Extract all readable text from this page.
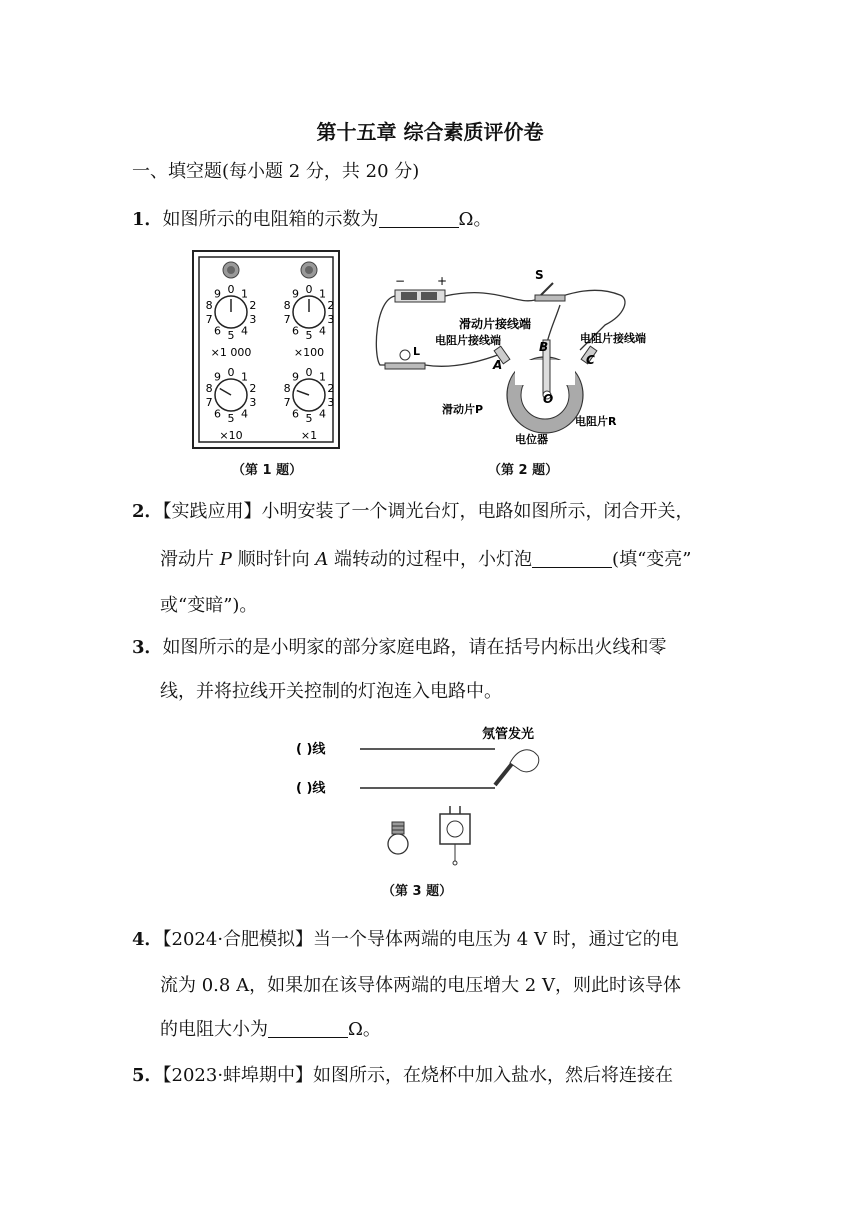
第十五章 综合素质评价卷
一、填空题(每小题 2 分，共 20 分)
1．如图所示的电阻箱的示数为	Ω。
0 1
2
3
4
5
6
7
8
9
×1 000
0 1
2
3
4
5
6
7
8
9
×100
0 1
2
3
4
5
6
7
8
9
×10
0 1
2
3
4
5
6
7
8
9
×1
（第 1 题）
−	+	S
L
滑动片接线端
电阻片接线端	电阻片接线端
A
B
C
O
滑动片P
电阻片R
电位器
（第 2 题）
2．【实践应用】小明安装了一个调光台灯，电路如图所示，闭合开关，
滑动片 P 顺时针向 A 端转动的过程中，小灯泡	(填“变亮”
或“变暗”)。
3．如图所示的是小明家的部分家庭电路，请在括号内标出火线和零
线，并将拉线开关控制的灯泡连入电路中。
( )线
( )线
氖管发光
（第 3 题）
4．【2024·合肥模拟】当一个导体两端的电压为 4 V 时，通过它的电
流为 0.8 A，如果加在该导体两端的电压增大 2 V，则此时该导体
的电阻大小为	Ω。
5．【2023·蚌埠期中】如图所示，在烧杯中加入盐水，然后将连接在
